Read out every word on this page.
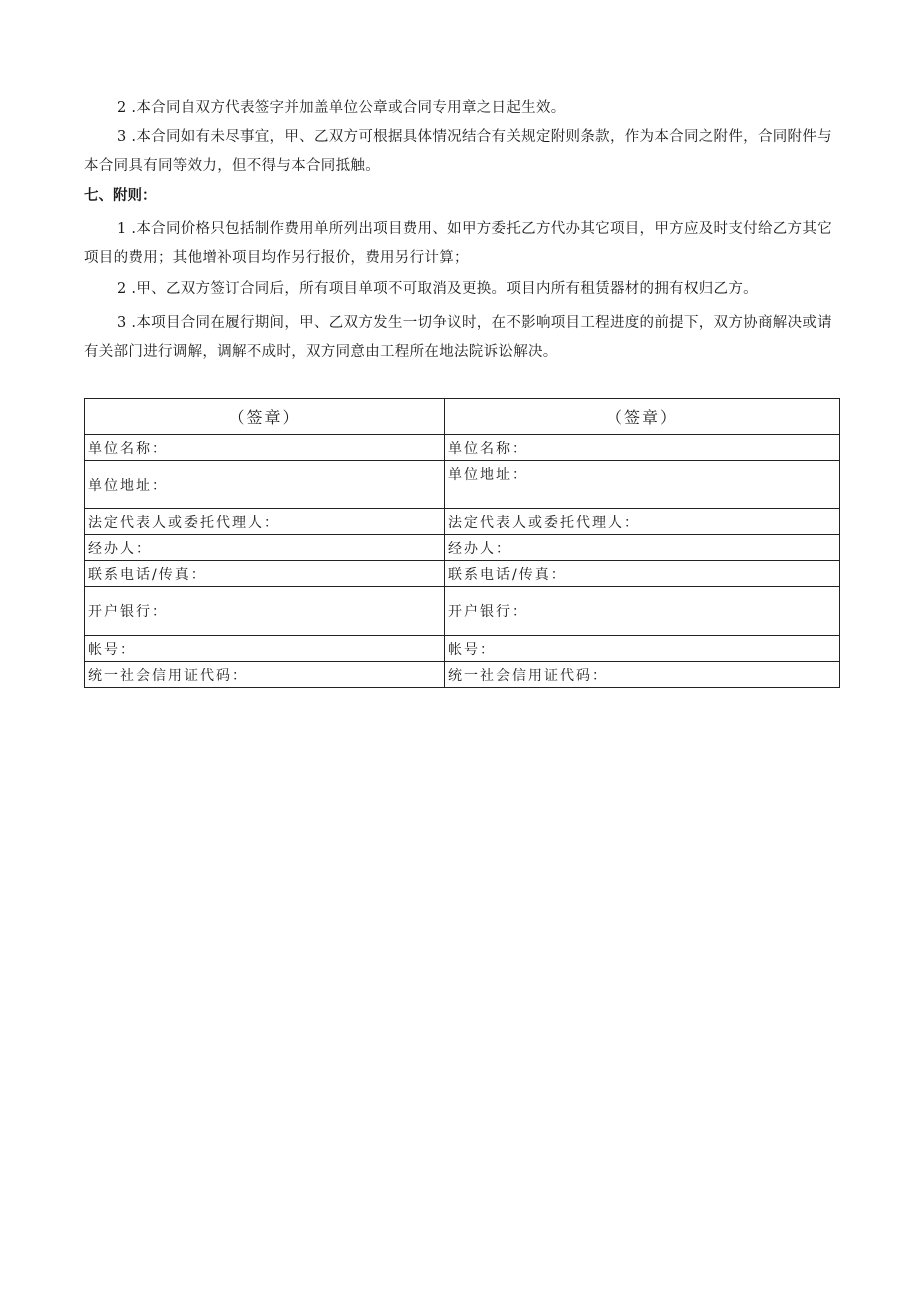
2 .本合同自双方代表签字并加盖单位公章或合同专用章之日起生效。

3 .本合同如有未尽事宜，甲、乙双方可根据具体情况结合有关规定附则条款，作为本合同之附件，合同附件与本合同具有同等效力，但不得与本合同抵触。

七、附则：

1 .本合同价格只包括制作费用单所列出项目费用、如甲方委托乙方代办其它项目，甲方应及时支付给乙方其它项目的费用；其他增补项目均作另行报价，费用另行计算；

2 .甲、乙双方签订合同后，所有项目单项不可取消及更换。项目内所有租赁器材的拥有权归乙方。

3 .本项目合同在履行期间，甲、乙双方发生一切争议时，在不影响项目工程进度的前提下，双方协商解决或请有关部门进行调解，调解不成时，双方同意由工程所在地法院诉讼解决。

（签章）	（签章）
单位名称：	单位名称：
单位地址：	单位地址：
法定代表人或委托代理人：	法定代表人或委托代理人：
经办人：	经办人：
联系电话/传真：	联系电话/传真：
开户银行：	开户银行：
帐号：	帐号：
统一社会信用证代码：	统一社会信用证代码：
